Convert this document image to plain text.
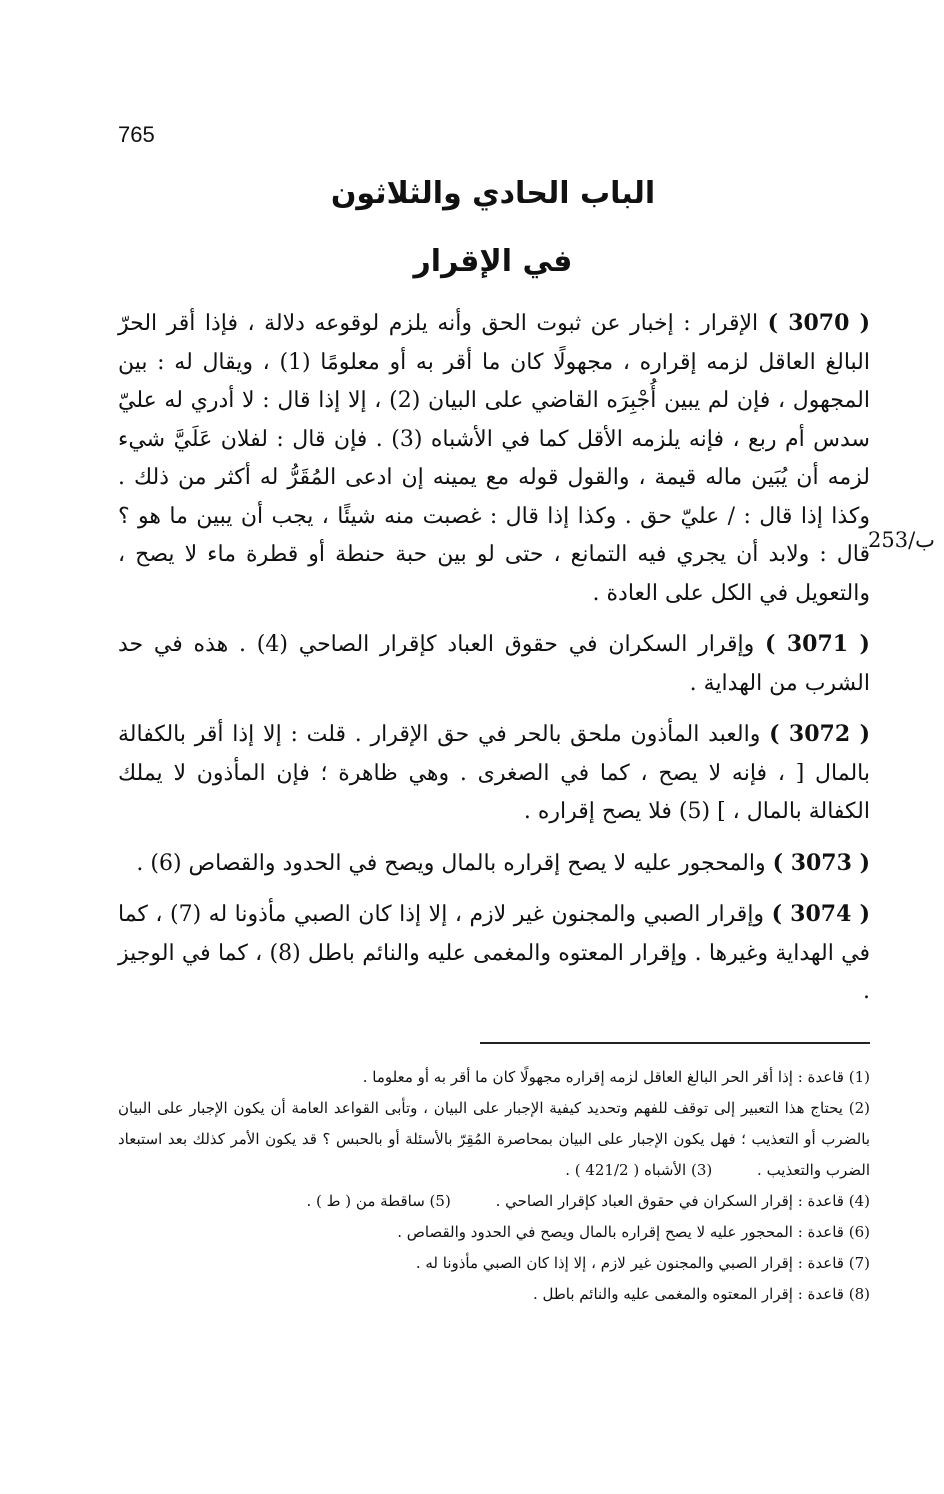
765
الباب الحادي والثلاثون
في الإقرار
253/ب

( 3070 ) الإقرار : إخبار عن ثبوت الحق وأنه يلزم لوقوعه دلالة ، فإذا أقر الحرّ البالغ العاقل لزمه إقراره ، مجهولًا كان ما أقر به أو معلومًا (1) ، ويقال له : بين المجهول ، فإن لم يبين أُجْبِرَه القاضي على البيان (2) ، إلا إذا قال : لا أدري له عليّ سدس أم ربع ، فإنه يلزمه الأقل كما في الأشباه (3) . فإن قال : لفلان عَلَيَّ شيء لزمه أن يُبَين ماله قيمة ، والقول قوله مع يمينه إن ادعى المُقَرُّ له أكثر من ذلك . وكذا إذا قال : / عليّ حق . وكذا إذا قال : غصبت منه شيئًا ، يجب أن يبين ما هو ؟ قال : ولابد أن يجري فيه التمانع ، حتى لو بين حبة حنطة أو قطرة ماء لا يصح ، والتعويل في الكل على العادة .

( 3071 ) وإقرار السكران في حقوق العباد كإقرار الصاحي (4) . هذه في حد الشرب من الهداية .

( 3072 ) والعبد المأذون ملحق بالحر في حق الإقرار . قلت : إلا إذا أقر بالكفالة بالمال [ ، فإنه لا يصح ، كما في الصغرى . وهي ظاهرة ؛ فإن المأذون لا يملك الكفالة بالمال ، ] (5) فلا يصح إقراره .

( 3073 ) والمحجور عليه لا يصح إقراره بالمال ويصح في الحدود والقصاص (6) .

( 3074 ) وإقرار الصبي والمجنون غير لازم ، إلا إذا كان الصبي مأذونا له (7) ، كما في الهداية وغيرها . وإقرار المعتوه والمغمى عليه والنائم باطل (8) ، كما في الوجيز .

(1) قاعدة : إذا أقر الحر البالغ العاقل لزمه إقراره مجهولًا كان ما أقر به أو معلوما .

(2) يحتاج هذا التعبير إلى توقف للفهم وتحديد كيفية الإجبار على البيان ، وتأبى القواعد العامة أن يكون الإجبار على البيان بالضرب أو التعذيب ؛ فهل يكون الإجبار على البيان بمحاصرة المُقِرّ بالأسئلة أو بالحبس ؟ قد يكون الأمر كذلك بعد استبعاد الضرب والتعذيب . (3) الأشباه ( 421/2 ) .

(4) قاعدة : إقرار السكران في حقوق العباد كإقرار الصاحي . (5) ساقطة من ( ط ) .

(6) قاعدة : المحجور عليه لا يصح إقراره بالمال ويصح في الحدود والقصاص .

(7) قاعدة : إقرار الصبي والمجنون غير لازم ، إلا إذا كان الصبي مأذونا له .

(8) قاعدة : إقرار المعتوه والمغمى عليه والنائم باطل .
